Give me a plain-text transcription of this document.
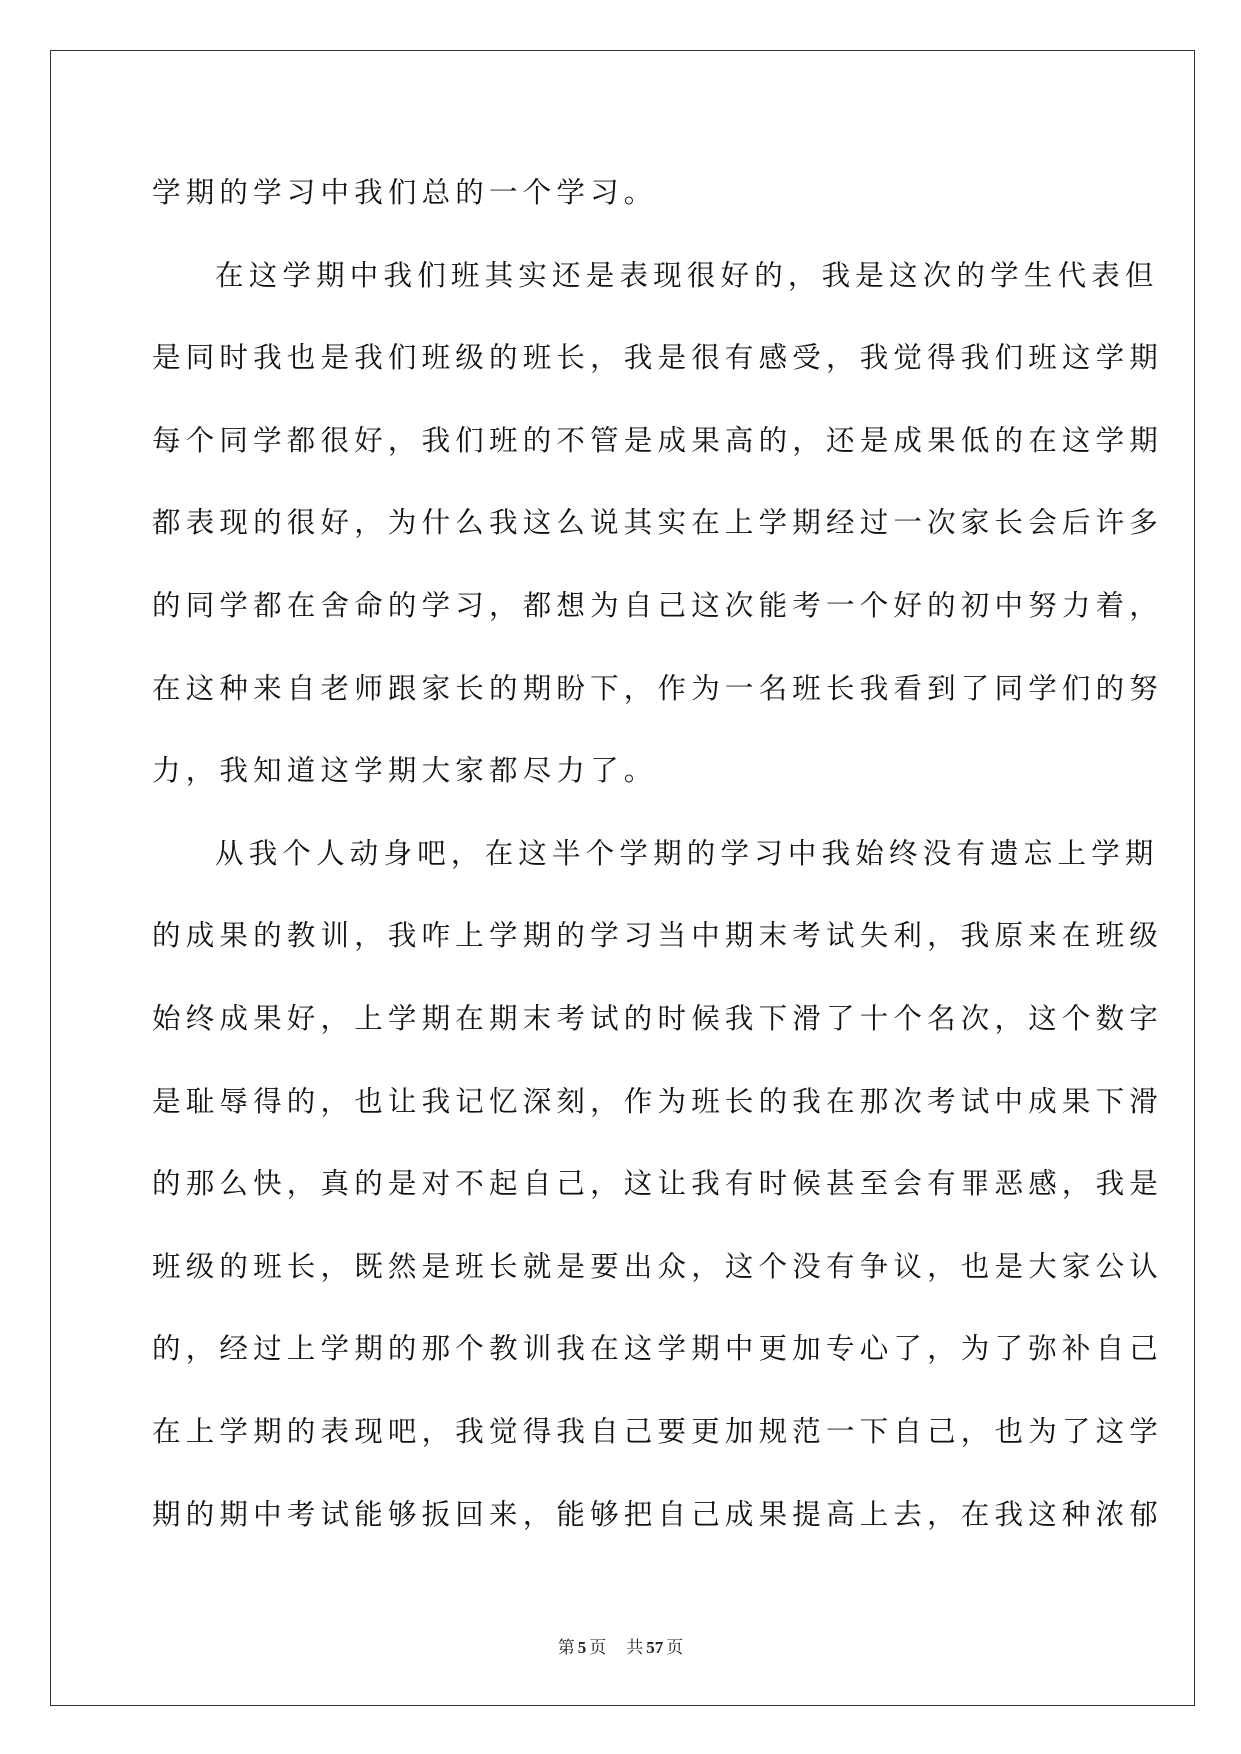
学期的学习中我们总的一个学习。
在这学期中我们班其实还是表现很好的，我是这次的学生代表但
是同时我也是我们班级的班长，我是很有感受，我觉得我们班这学期
每个同学都很好，我们班的不管是成果高的，还是成果低的在这学期
都表现的很好，为什么我这么说其实在上学期经过一次家长会后许多
的同学都在舍命的学习，都想为自己这次能考一个好的初中努力着，
在这种来自老师跟家长的期盼下，作为一名班长我看到了同学们的努
力，我知道这学期大家都尽力了。
从我个人动身吧，在这半个学期的学习中我始终没有遗忘上学期
的成果的教训，我咋上学期的学习当中期末考试失利，我原来在班级
始终成果好，上学期在期末考试的时候我下滑了十个名次，这个数字
是耻辱得的，也让我记忆深刻，作为班长的我在那次考试中成果下滑
的那么快，真的是对不起自己，这让我有时候甚至会有罪恶感，我是
班级的班长，既然是班长就是要出众，这个没有争议，也是大家公认
的，经过上学期的那个教训我在这学期中更加专心了，为了弥补自己
在上学期的表现吧，我觉得我自己要更加规范一下自己，也为了这学
期的期中考试能够扳回来，能够把自己成果提高上去，在我这种浓郁
第 5 页 共 57 页
